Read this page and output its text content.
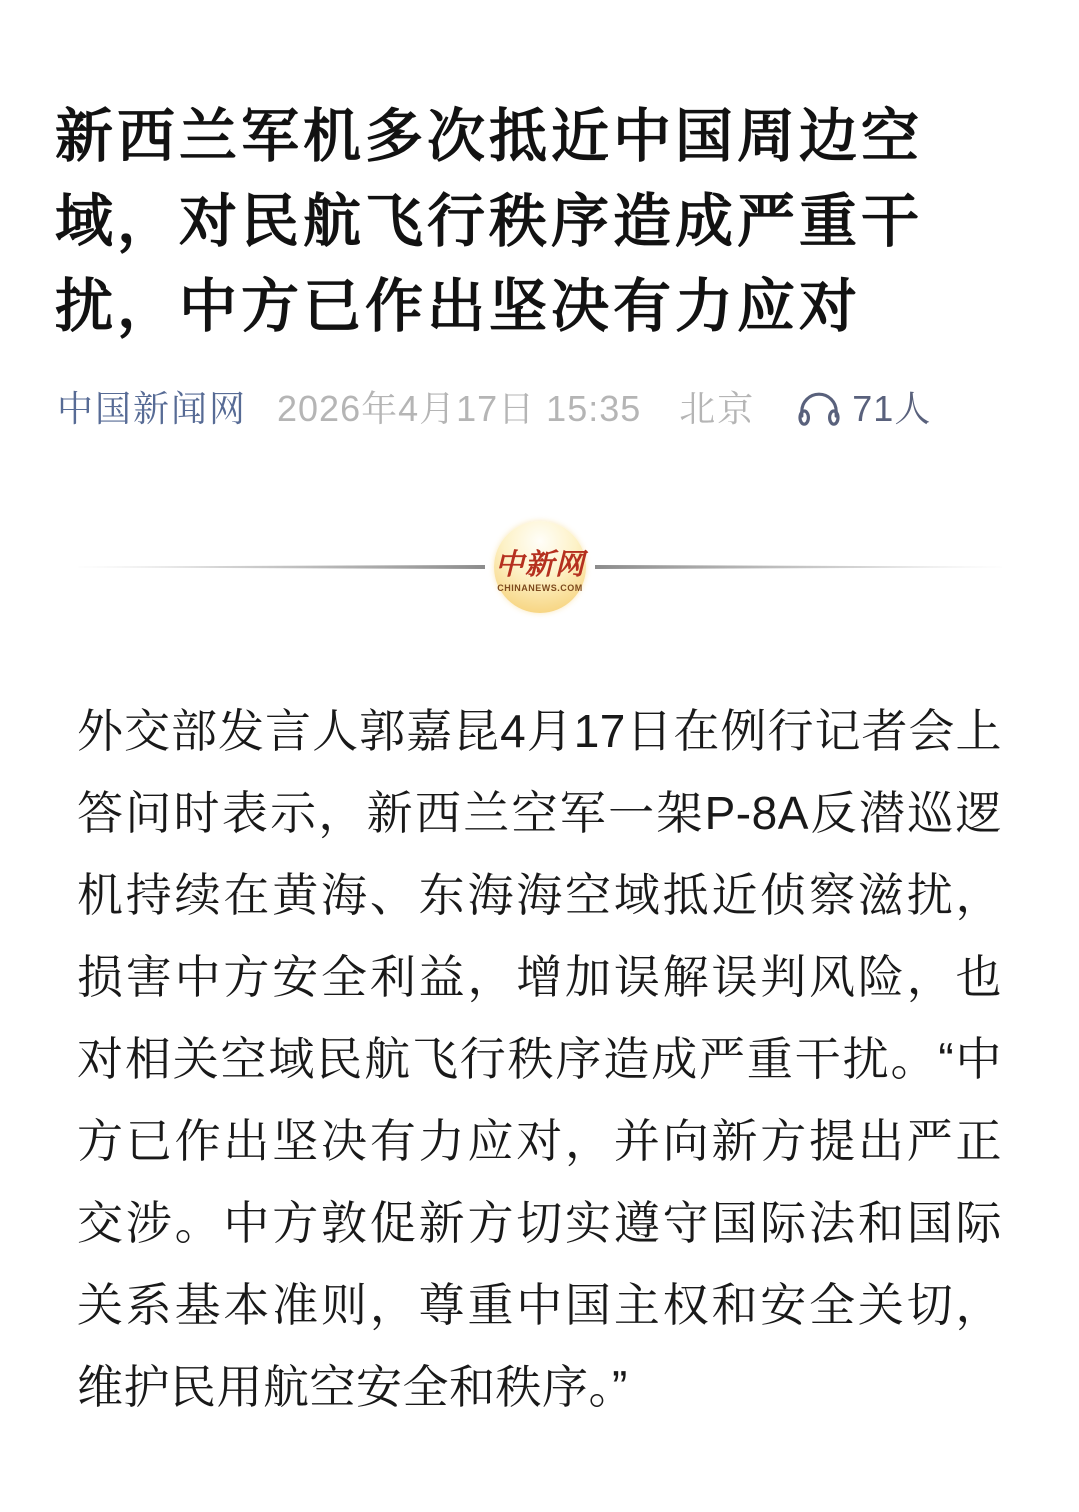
新西兰军机多次抵近中国周边空域，对民航飞行秩序造成严重干扰，中方已作出坚决有力应对
中国新闻网 2026年4月17日 15:35 北京	71人
中新网
CHINANEWS.COM

外交部发言人郭嘉昆4月17日在例行记者会上答问时表示，新西兰空军一架P-8A反潜巡逻机持续在黄海、东海海空域抵近侦察滋扰，损害中方安全利益，增加误解误判风险，也对相关空域民航飞行秩序造成严重干扰。“中方已作出坚决有力应对，并向新方提出严正交涉。中方敦促新方切实遵守国际法和国际关系基本准则，尊重中国主权和安全关切，维护民用航空安全和秩序。”
